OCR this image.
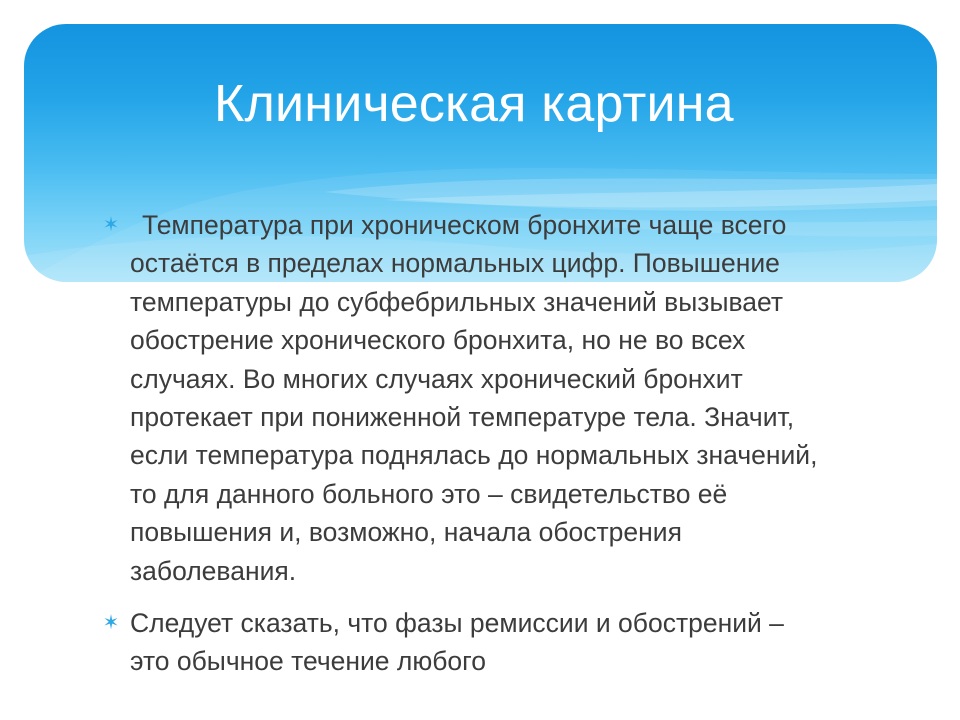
Клиническая картина
✶ Температура при хроническом бронхите чаще всего остаётся в пределах нормальных цифр. Повышение температуры до субфебрильных значений вызывает обострение хронического бронхита, но не во всех случаях. Во многих случаях хронический бронхит протекает при пониженной температуре тела. Значит, если температура поднялась до нормальных значений, то для данного больного это – свидетельство её повышения и, возможно, начала обострения заболевания.
✶ Следует сказать, что фазы ремиссии и обострений – это обычное течение любого
